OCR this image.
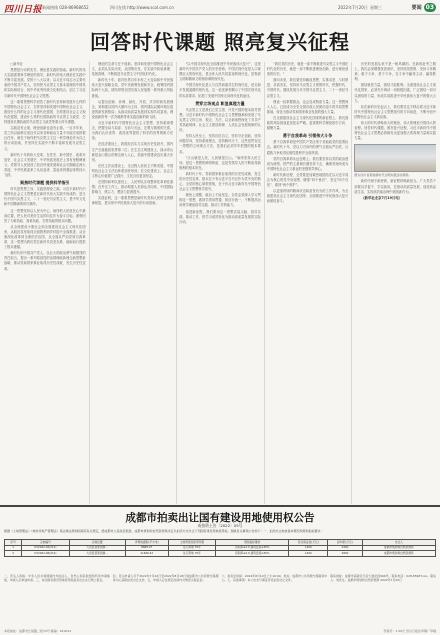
四川日报 新闻热线 028-86968652	四川在线 http://www.scol.com.cn	2022年7月20日 星期三	要闻 03
回答时代课题 照亮复兴征程

□新华社

思想是行动的先导，理论是实践的指南。新时代的伟大实践需要科学理论的指导，新时代的伟大理论在实践中不断丰富发展。党的十八大以来，以习近平同志为主要代表的中国共产党人，坚持把马克思主义基本原理同中国具体实际相结合、同中华优秀传统文化相结合，创立了习近平新时代中国特色社会主义思想。

这一重要思想科学回答了新时代坚持和发展什么样的中国特色社会主义、怎样坚持和发展中国特色社会主义，建设什么样的社会主义现代化强国、怎样建设社会主义现代化强国，建设什么样的长期执政的马克思主义政党、怎样建设长期执政的马克思主义政党等重大时代课题。

实践没有止境，理论创新也没有止境。一百多年来，党之所以能够完成近代以来各种政治力量不可能完成的艰巨任务，就在于始终把马克思主义这一科学理论作为自己的行动指南，并坚持在实践中不断丰富和发展马克思主义。

新时代十年的伟大变革，在党史、新中国史、改革开放史、社会主义发展史、中华民族发展史上具有里程碑意义。党领导人民创造了经济快速发展和社会长期稳定两大奇迹，中华民族迎来了从站起来、富起来到强起来的伟大飞跃。

聚焦时代课题 提供科学指引

时代是思想之母，实践是理论之源。习近平新时代中国特色社会主义思想是在新时代伟大实践中形成的，是当代中国马克思主义、二十一世纪马克思主义，是中华文化和中国精神的时代精华。

这一思想坚持以人民为中心，始终把人民放在心中最高位置，把人民对美好生活的向往作为奋斗目标，深刻回答了为谁执政、靠谁执政、怎样执政的根本问题。

从全面建成小康社会到全面建设社会主义现代化国家，从脱贫攻坚取得全面胜利到乡村振兴全面推进，从全面深化改革到全面依法治国，从全面从严治党到自我革命，这一思想为我们党在新时代攻坚克难、砥砺前行提供了根本遵循。

新时代的中国共产党人，以巨大的政治勇气和强烈的责任担当，提出一系列原创性的治国理政新理念新思想新战略，推动党和国家事业取得历史性成就、发生历史性变革。

理论的生命力在于创新。坚持和发展中国特色社会主义，必须从实际出发，从国情出发，在实践中检验真理、发展真理，不断推进马克思主义中国化时代化。

新时代十年，面对世界百年未有之大变局和中华民族伟大复兴战略全局，党中央统筹发展和安全，统筹国内国际两个大局，团结带领全国各族人民战胜一系列重大风险挑战。

从提出创新、协调、绿色、开放、共享的新发展理念，到构建以国内大循环为主体、国内国际双循环相互促进的新发展格局；从推动高质量发展到实现共同富裕，理论创新的每一次突破都带来实践创新的新飞跃。

习近平新时代中国特色社会主义思想，坚持系统观念，把握全局与局部、当前与长远、宏观与微观的关系，为我们认识世界、改造世界提供了科学的世界观和方法论。

在经济建设上，我国经济实力实现历史性跃升，国内生产总值稳居世界第二位；在生态文明建设上，绿水青山就是金山银山的理念深入人心，美丽中国建设迈出重大步伐。

在民主法治建设上，全过程人民民主不断发展，中国特色社会主义法治体系加快形成；在文化建设上，社会主义核心价值观广泛践行，文化自信更加坚定。

在国防和军队建设上，人民军队实现整体性革命性重塑；在外交工作上，推动构建人类命运共同体，中国国际影响力、感召力、塑造力显著提升。

实践证明，这一重要思想是新时代党和人民的宝贵精神财富，是实现中华民族伟大复兴的行动指南。

“以中国式现代化全面推进中华民族伟大复兴”，这是新时代中国共产党人的历史使命。中国式现代化是人口规模巨大的现代化，是全体人民共同富裕的现代化，是物质文明和精神文明相协调的现代化。

中国式现代化是人与自然和谐共生的现代化，是走和平发展道路的现代化。这一论述深刻揭示了中国式现代化的本质要求，拓展了发展中国家走向现代化的途径。

贯穿立场观点 彰显真理力量

马克思主义是我们立党立国、兴党兴国的根本指导思想。习近平新时代中国特色社会主义思想继承和发展了马克思主义的立场、观点、方法，以全新视野深化了对共产党执政规律、社会主义建设规律、人类社会发展规律的认识。

坚持人民至上，坚持自信自立，坚持守正创新，坚持问题导向，坚持系统观念，坚持胸怀天下，这些是贯穿这一思想的立场观点方法，是我们必须牢牢把握的根本要求。

“江山就是人民，人民就是江山。”始终坚持人民立场，是这一思想的鲜明特质，也是党领导人民不断取得新胜利的根本所在。

新时代十年，党和国家事业取得的历史性成就、发生的历史性变革，根本在于有习近平总书记作为党中央的核心、全党的核心掌舵领航，在于有习近平新时代中国特色社会主义思想科学指引。

理论上清醒，政治上才能坚定。全党必须深入学习贯彻这一思想，做到学思用贯通、知信行统一，不断提高运用科学理论指导实践、推动工作的能力。

奋进新征程，我们要用这一思想武装头脑、指导实践、推动工作，把学习成效转化为推动高质量发展的实际行动。

“我们党的历史，就是一部不断推进马克思主义中国化时代化的历史，就是一部不断推进理论创新、进行理论创造的历史。”

面向未来，我们要坚持解放思想、实事求是、与时俱进、求真务实，坚持用马克思主义观察时代、把握时代、引领时代，继续发展当代中国马克思主义、二十一世纪马克思主义。

理论一经掌握群众，也会变成物质力量。这一思想深入人心，已经成为全党全国各族人民团结奋斗的共同思想基础，转化为推动党和国家事业发展的强大力量。

在全面建设社会主义现代化国家的新征程上，我们面临的风险挑战更加复杂严峻，更需要科学理论指引方向、凝聚力量。

勇于自我革命 引领伟大斗争

勇于自我革命是中国共产党区别于其他政党的显著标志。新时代十年，党以刀刃向内的勇气全面从严治党，反腐败斗争取得压倒性胜利并全面巩固。

党的自我革命永远在路上。我们要坚持以党的政治建设为统领，把严的主基调长期坚持下去，确保党始终成为中国特色社会主义事业的坚强领导核心。

新时代新征程，全党要更加紧密地团结在以习近平同志为核心的党中央周围，增强“四个意识”、坚定“四个自信”、做到“两个维护”。

以更加昂扬的精神状态和奋发有为的工作作风，为全面建设社会主义现代化国家、全面推进中华民族伟大复兴而团结奋斗。

历史的发展从来不是一帆风顺的。在新的赶考之路上，我们必须增强忧患意识，坚持底线思维，发扬斗争精神，敢于斗争、善于斗争，在斗争中赢得主动、赢得胜利。

团结就是力量，团结才能胜利。全面建设社会主义现代化国家，必须充分调动一切积极因素，广泛团结一切可以团结的力量，形成共同推进中华民族伟大复兴的强大合力。

站在新的历史起点上，我们要坚定不移沿着习近平新时代中国特色社会主义思想指引的方向前进，不断开创中国特色社会主义新局面。

伟大的时代呼唤伟大的理论，伟大的理论引领伟大的征程。回答时代课题，照亮复兴征程，习近平新时代中国特色社会主义思想必将焕发出更加强大的真理力量和实践力量。

图为四川省某地新时代文明实践活动现场。

新时代赋予新使命，新征程呼唤新担当。广大党员干部要以学促干、学以致用，在推动高质量发展、创造高品质生活、实现高效能治理中展现新作为。

（新华社北京7月19日电）

成都市拍卖出让国有建设用地使用权公告
成拍资土告〔2022〕05号
根据《土地管理法》《城市房地产管理法》等法律法规和国务院有关规定，经成都市人民政府批准，成都市规划和自然资源局决定以拍卖方式出让下列国有建设用地使用权。现就有关事项公告如下：一、拍卖出让地块基本情况和规划指标要求：
序号	宗地编号	宗地位置	净用地面积(平方米)	土地用途及使用年限	规划指标要求	竞买保证金(万元)	起叫价(万元)	出让人
1	DY2022-05(211)	大邑县晋原街道…	8688.27	住宅用地 70年	容积率≤2.0 建筑密度≤30%	1200	2400	成都市规划和自然资源局
2	DY2022-06(212)	大邑县晋原街道…	11646.42	住宅用地 70年	容积率≤2.0 建筑密度≤30%	1400	2800	成都市规划和自然资源局
二、竞买人资格：中华人民共和国境内外的法人、自然人和其他组织均可申请参加，申请人应单独申请。三、本次国有建设用地使用权拍卖出让实行网上报名。
四、竞买申请人可于2022年7月20日至2022年8月18日到成都市公共资源交易服务中心获取拍卖出让文件。五、申请人应在规定时间内交纳竞买保证金。
六、拍卖会时间：2022年8月19日上午10:00。地点：成都市公共资源交易服务中心。七、其他事项：本公告未尽事宜详见拍卖出让文件。
联系地址：成都市高新区天府大道北段966号。联系电话：028-85987xxx。联系人：刘先生。成都市规划和自然资源局 2022年7月20日
本报地址：成都市红星路二段70号 邮编：610012	零售价：1.50元 四川日报社印刷厂印刷
